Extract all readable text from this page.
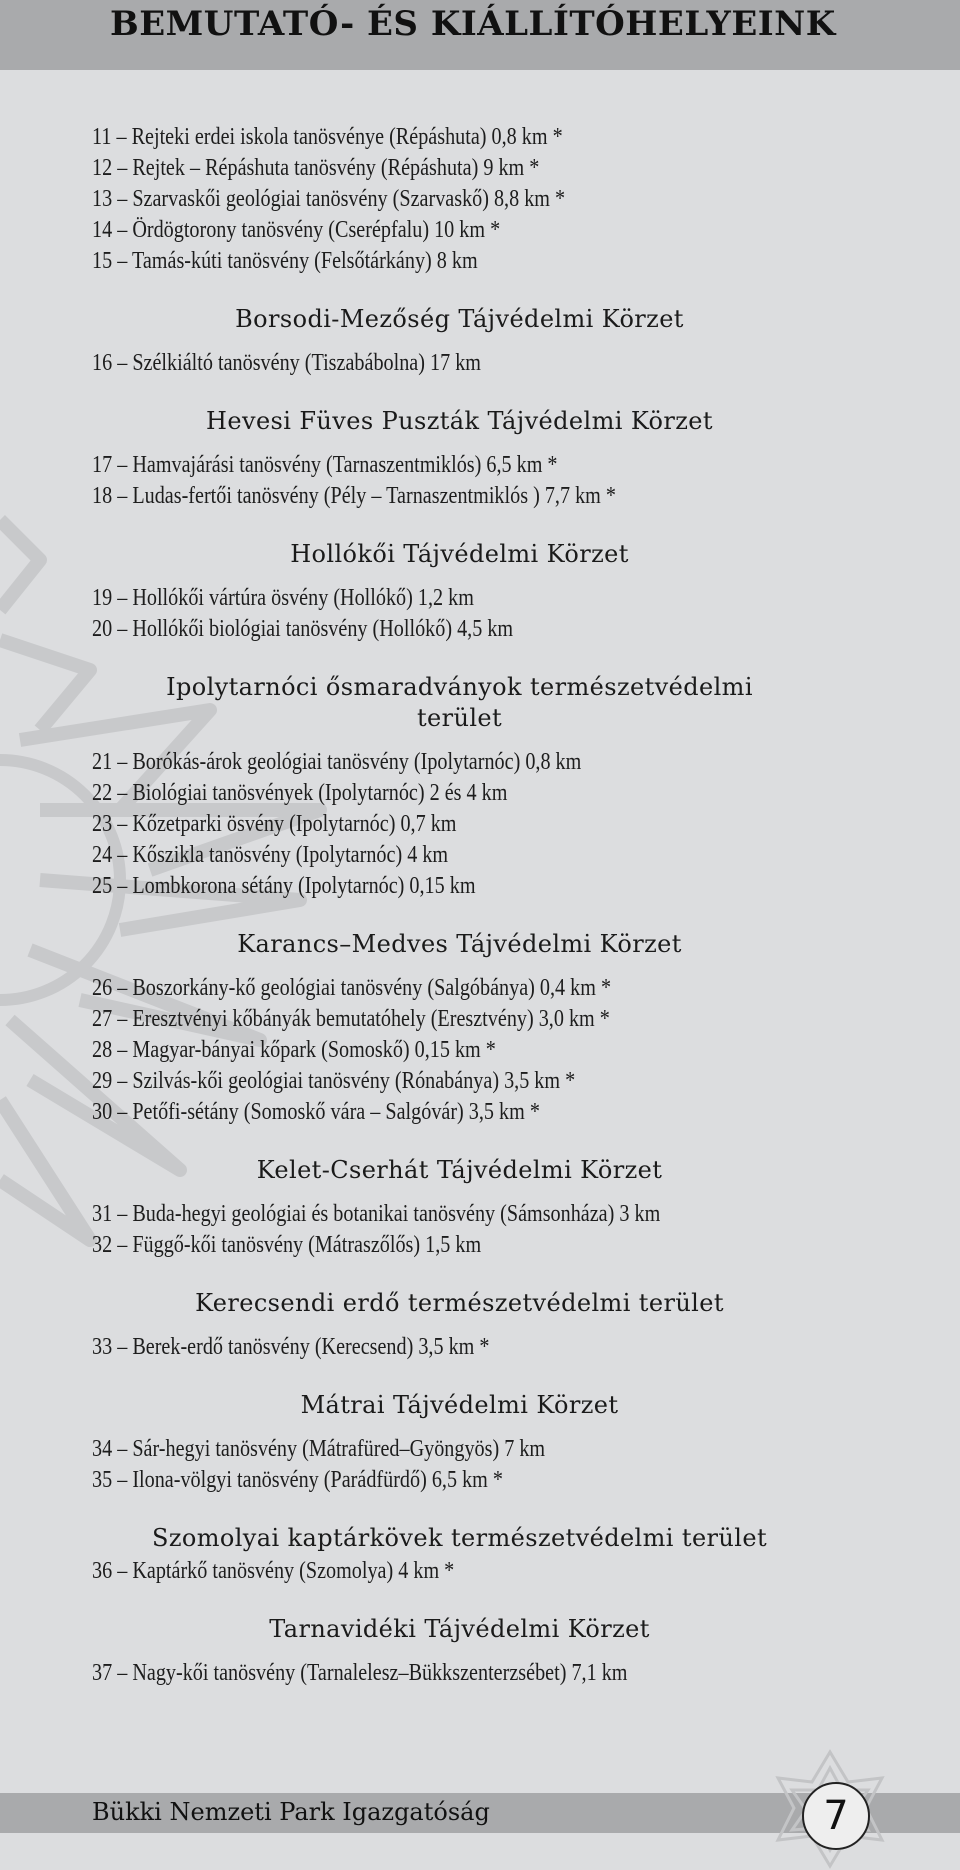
BEMUTATÓ- ÉS KIÁLLÍTÓHELYEINK
11 – Rejteki erdei iskola tanösvénye (Répáshuta) 0,8 km *
12 – Rejtek – Répáshuta tanösvény (Répáshuta) 9 km *
13 – Szarvaskői geológiai tanösvény (Szarvaskő) 8,8 km *
14 – Ördögtorony tanösvény (Cserépfalu) 10 km *
15 – Tamás-kúti tanösvény (Felsőtárkány) 8 km
Borsodi-Mezőség Tájvédelmi Körzet
16 – Szélkiáltó tanösvény (Tiszabábolna) 17 km
Hevesi Füves Puszták Tájvédelmi Körzet
17 – Hamvajárási tanösvény (Tarnaszentmiklós) 6,5 km *
18 – Ludas-fertői tanösvény (Pély – Tarnaszentmiklós ) 7,7 km *
Hollókői Tájvédelmi Körzet
19 – Hollókői vártúra ösvény (Hollókő) 1,2 km
20 – Hollókői biológiai tanösvény (Hollókő) 4,5 km
Ipolytarnóci ősmaradványok természetvédelmi
terület
21 – Borókás-árok geológiai tanösvény (Ipolytarnóc) 0,8 km
22 – Biológiai tanösvények (Ipolytarnóc) 2 és 4 km
23 – Kőzetparki ösvény (Ipolytarnóc) 0,7 km
24 – Kőszikla tanösvény (Ipolytarnóc) 4 km
25 – Lombkorona sétány (Ipolytarnóc) 0,15 km
Karancs–Medves Tájvédelmi Körzet
26 – Boszorkány-kő geológiai tanösvény (Salgóbánya) 0,4 km *
27 – Eresztvényi kőbányák bemutatóhely (Eresztvény) 3,0 km *
28 – Magyar-bányai kőpark (Somoskő) 0,15 km *
29 – Szilvás-kői geológiai tanösvény (Rónabánya) 3,5 km *
30 – Petőfi-sétány (Somoskő vára – Salgóvár) 3,5 km *
Kelet-Cserhát Tájvédelmi Körzet
31 – Buda-hegyi geológiai és botanikai tanösvény (Sámsonháza) 3 km
32 – Függő-kői tanösvény (Mátraszőlős) 1,5 km
Kerecsendi erdő természetvédelmi terület
33 – Berek-erdő tanösvény (Kerecsend) 3,5 km *
Mátrai Tájvédelmi Körzet
34 – Sár-hegyi tanösvény (Mátrafüred–Gyöngyös) 7 km
35 – Ilona-völgyi tanösvény (Parádfürdő) 6,5 km *
Szomolyai kaptárkövek természetvédelmi terület
36 – Kaptárkő tanösvény (Szomolya) 4 km *
Tarnavidéki Tájvédelmi Körzet
37 – Nagy-kői tanösvény (Tarnalelesz–Bükkszenterzsébet) 7,1 km
Bükki Nemzeti Park Igazgatóság	7
